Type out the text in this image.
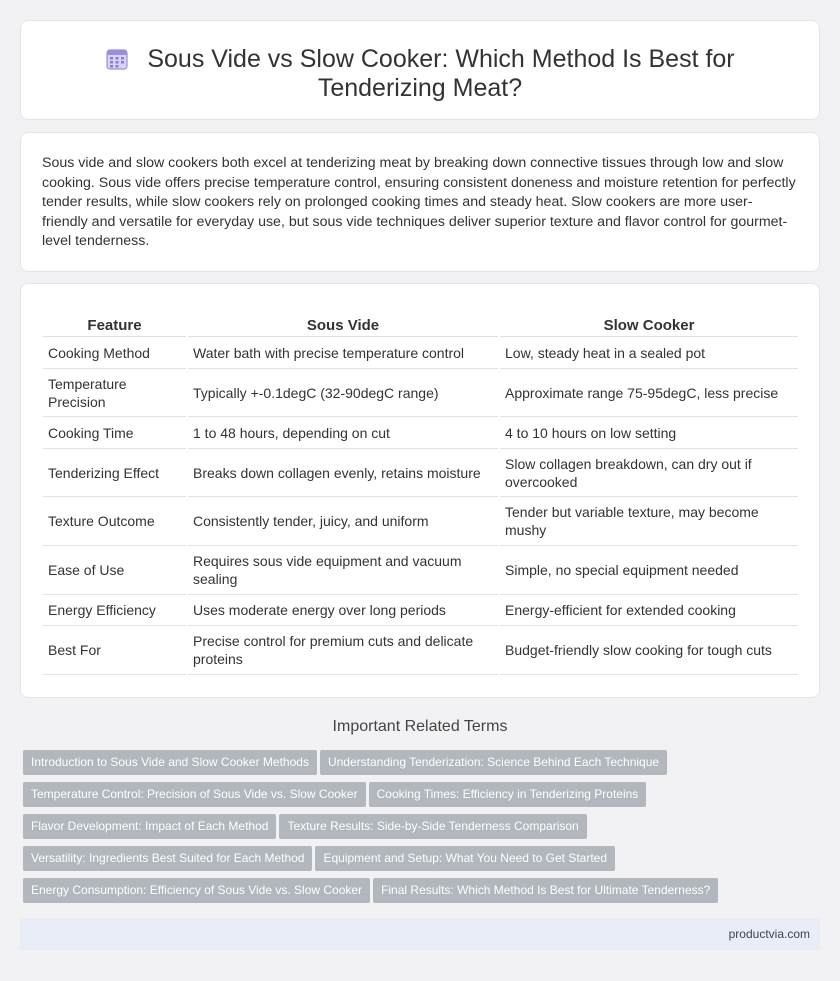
Sous Vide vs Slow Cooker: Which Method Is Best for Tenderizing Meat?

Sous vide and slow cookers both excel at tenderizing meat by breaking down connective tissues through low and slow cooking. Sous vide offers precise temperature control, ensuring consistent doneness and moisture retention for perfectly tender results, while slow cookers rely on prolonged cooking times and steady heat. Slow cookers are more user-friendly and versatile for everyday use, but sous vide techniques deliver superior texture and flavor control for gourmet-level tenderness.

Feature	Sous Vide	Slow Cooker
Cooking Method	Water bath with precise temperature control	Low, steady heat in a sealed pot
Temperature Precision	Typically +-0.1degC (32-90degC range)	Approximate range 75-95degC, less precise
Cooking Time	1 to 48 hours, depending on cut	4 to 10 hours on low setting
Tenderizing Effect	Breaks down collagen evenly, retains moisture	Slow collagen breakdown, can dry out if overcooked
Texture Outcome	Consistently tender, juicy, and uniform	Tender but variable texture, may become mushy
Ease of Use	Requires sous vide equipment and vacuum sealing	Simple, no special equipment needed
Energy Efficiency	Uses moderate energy over long periods	Energy-efficient for extended cooking
Best For	Precise control for premium cuts and delicate proteins	Budget-friendly slow cooking for tough cuts
Important Related Terms
Introduction to Sous Vide and Slow Cooker Methods Understanding Tenderization: Science Behind Each Technique
Temperature Control: Precision of Sous Vide vs. Slow Cooker Cooking Times: Efficiency in Tenderizing Proteins
Flavor Development: Impact of Each Method Texture Results: Side-by-Side Tenderness Comparison
Versatility: Ingredients Best Suited for Each Method Equipment and Setup: What You Need to Get Started
Energy Consumption: Efficiency of Sous Vide vs. Slow Cooker Final Results: Which Method Is Best for Ultimate Tenderness?
productvia.com
